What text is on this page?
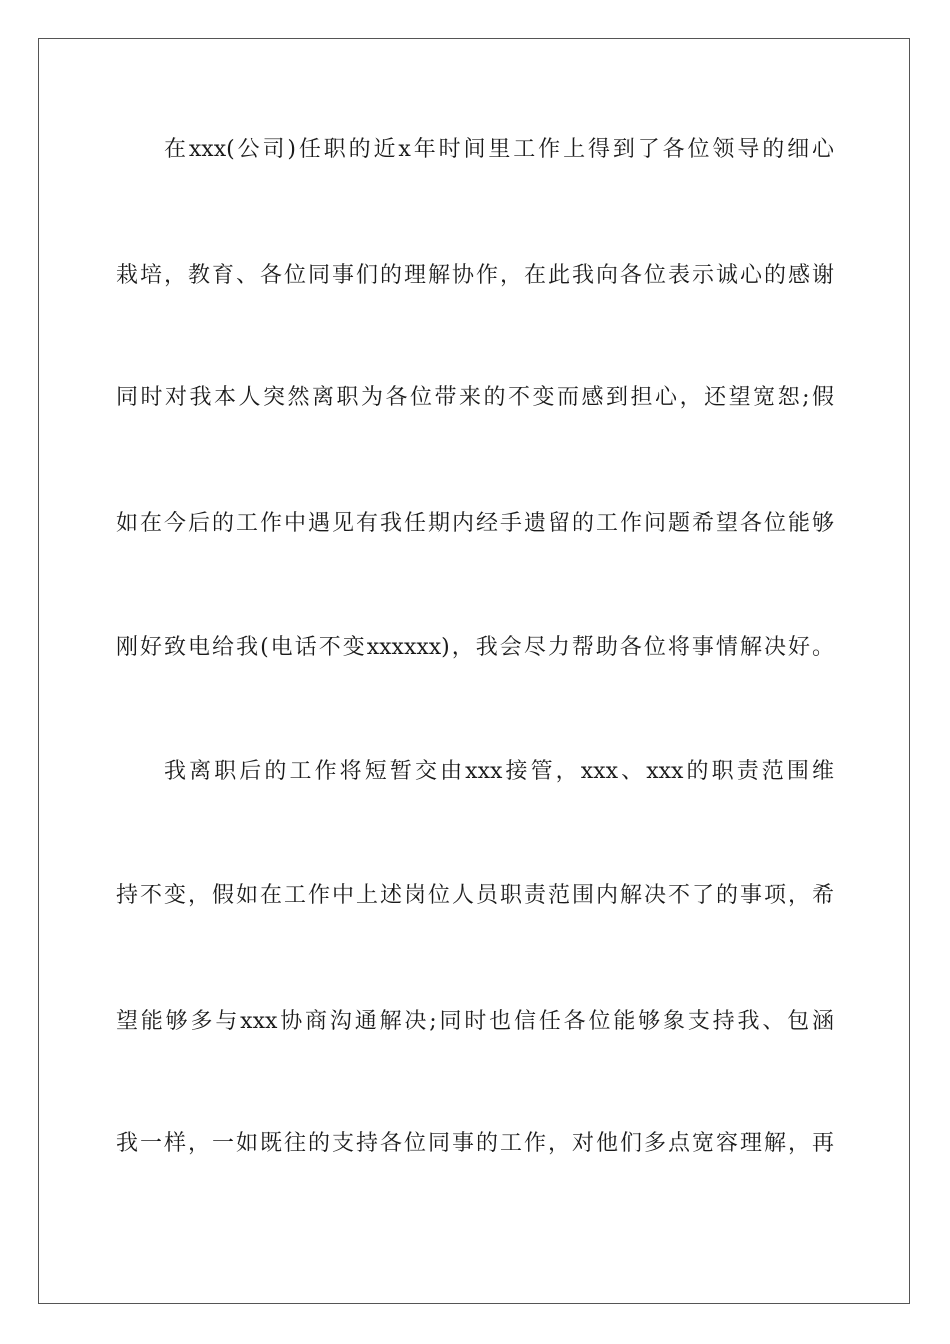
在xxx(公司)任职的近x年时间里工作上得到了各位领导的细心
栽培，教育、各位同事们的理解协作，在此我向各位表示诚心的感谢
同时对我本人突然离职为各位带来的不变而感到担心，还望宽恕;假
如在今后的工作中遇见有我任期内经手遗留的工作问题希望各位能够
刚好致电给我(电话不变xxxxxx)，我会尽力帮助各位将事情解决好。
我离职后的工作将短暂交由xxx接管，xxx、xxx的职责范围维
持不变，假如在工作中上述岗位人员职责范围内解决不了的事项，希
望能够多与xxx协商沟通解决;同时也信任各位能够象支持我、包涵
我一样，一如既往的支持各位同事的工作，对他们多点宽容理解，再
